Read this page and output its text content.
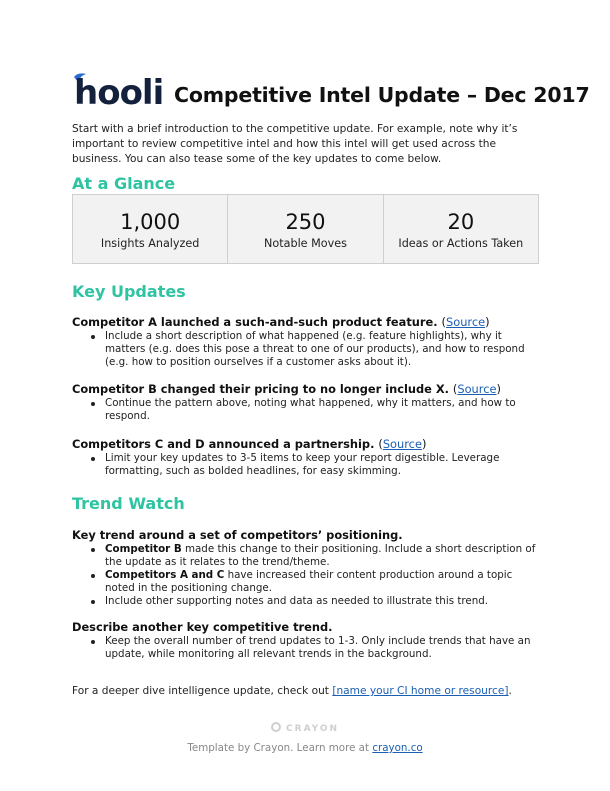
hooli Competitive Intel Update – Dec 2017
Start with a brief introduction to the competitive update. For example, note why it’s important to review competitive intel and how this intel will get used across the business. You can also tease some of the key updates to come below.
At a Glance
1,000
Insights Analyzed
250
Notable Moves
20
Ideas or Actions Taken
Key Updates
Competitor A launched a such-and-such product feature. (Source)
Include a short description of what happened (e.g. feature highlights), why it matters (e.g. does this pose a threat to one of our products), and how to respond (e.g. how to position ourselves if a customer asks about it).
Competitor B changed their pricing to no longer include X. (Source)
Continue the pattern above, noting what happened, why it matters, and how to respond.
Competitors C and D announced a partnership. (Source)
Limit your key updates to 3-5 items to keep your report digestible. Leverage formatting, such as bolded headlines, for easy skimming.
Trend Watch
Key trend around a set of competitors’ positioning.
Competitor B made this change to their positioning. Include a short description of the update as it relates to the trend/theme.
Competitors A and C have increased their content production around a topic noted in the positioning change.
Include other supporting notes and data as needed to illustrate this trend.
Describe another key competitive trend.
Keep the overall number of trend updates to 1-3. Only include trends that have an update, while monitoring all relevant trends in the background.
For a deeper dive intelligence update, check out [name your CI home or resource].
CRAYON
Template by Crayon. Learn more at crayon.co
